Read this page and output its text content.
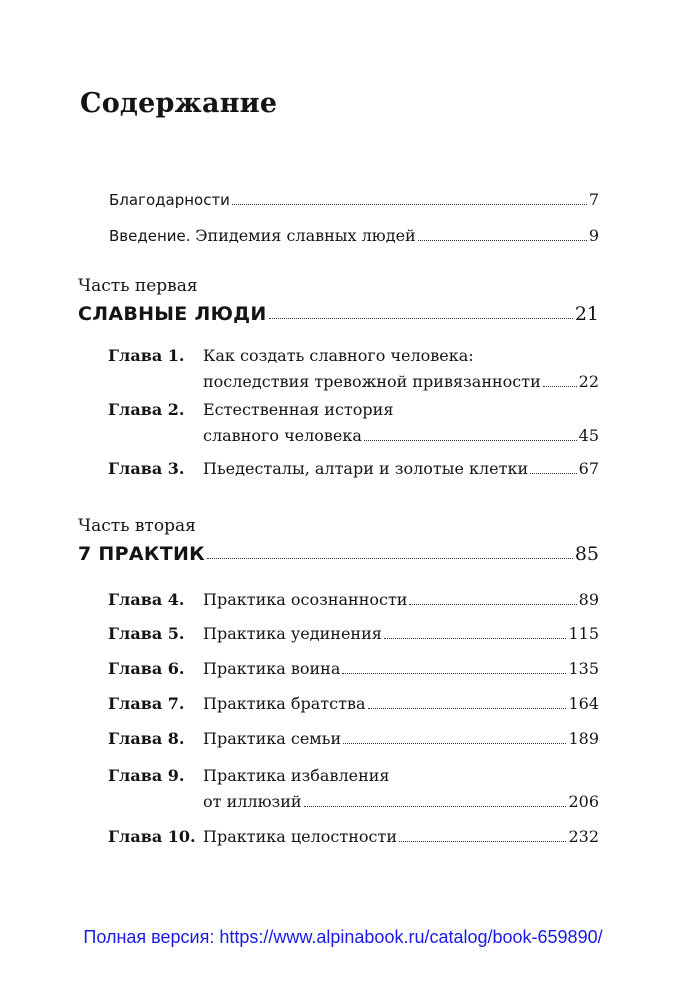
Содержание
Благодарности	7
Введение. Эпидемия славных людей	9

Часть первая

СЛАВНЫЕ ЛЮДИ	21

Глава 1. Как создать славного человека:

последствия тревожной привязанности 22

Глава 2. Естественная история

славного человека	45

Глава 3. Пьедесталы, алтари и золотые клетки	67

Часть вторая

7 ПРАКТИК	85

Глава 4. Практика осознанности	89

Глава 5. Практика уединения	115

Глава 6. Практика воина	135

Глава 7. Практика братства	164

Глава 8. Практика семьи	189

Глава 9. Практика избавления

от иллюзий	206

Глава 10. Практика целостности	232

Полная версия: https://www.alpinabook.ru/catalog/book-659890/
